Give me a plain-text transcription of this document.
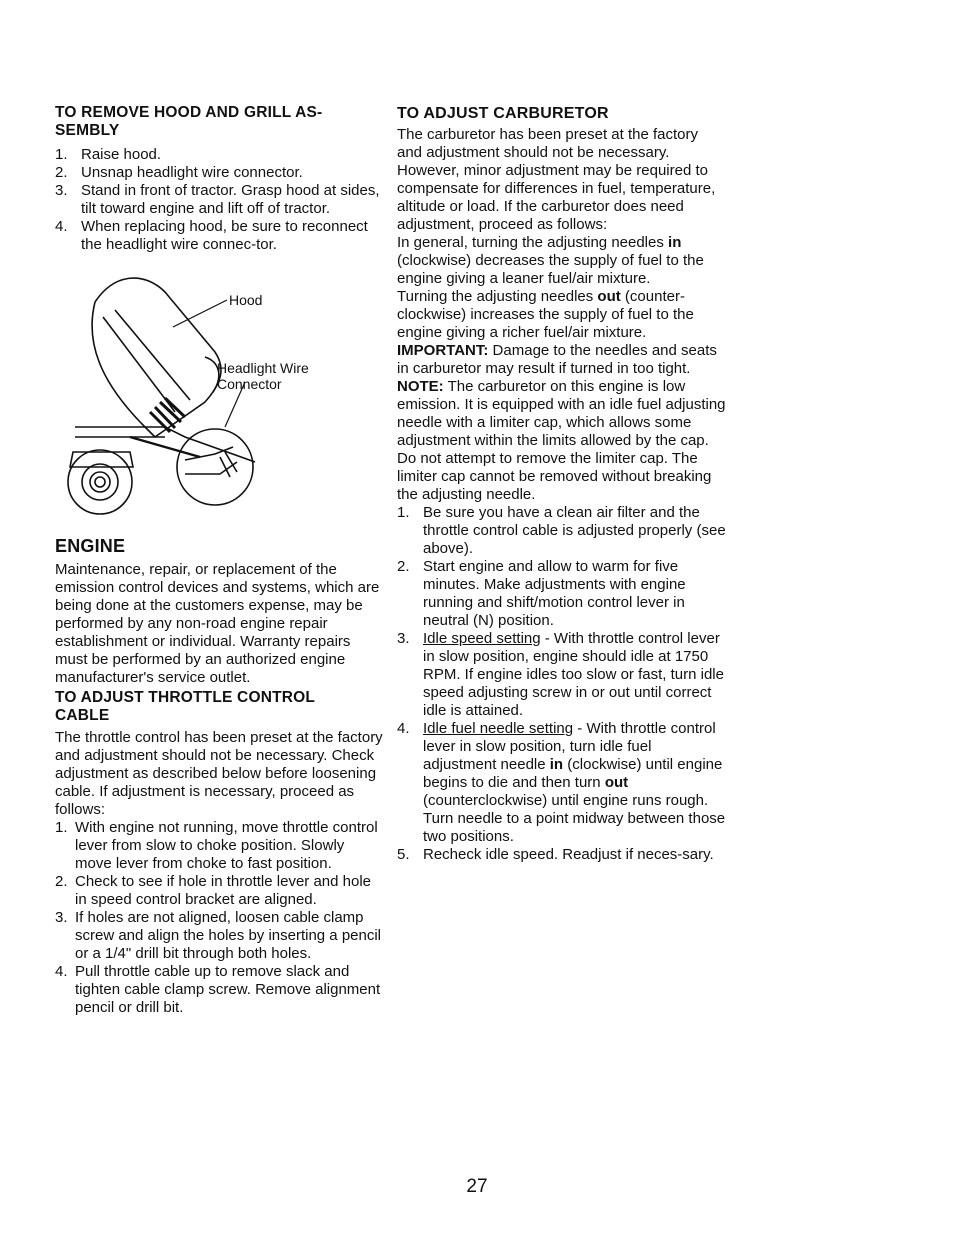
TO REMOVE HOOD AND GRILL AS-
SEMBLY
1. Raise hood.
2. Unsnap headlight wire connector.
3. Stand in front of tractor. Grasp hood at sides, tilt toward engine and lift off of tractor.
4. When replacing hood, be sure to reconnect the headlight wire connec-tor.
Hood
Headlight Wire
Connector
ENGINE

Maintenance, repair, or replacement of the emission control devices and systems, which are being done at the customers expense, may be performed by any non-road engine repair establishment or individual. Warranty repairs must be performed by an authorized engine manufacturer's service outlet.

TO ADJUST THROTTLE CONTROL
CABLE

The throttle control has been preset at the factory and adjustment should not be necessary. Check adjustment as described below before loosening cable. If adjustment is necessary, proceed as follows:

1. With engine not running, move throttle control lever from slow to choke position. Slowly move lever from choke to fast position.
2. Check to see if hole in throttle lever and hole in speed control bracket are aligned.
3. If holes are not aligned, loosen cable clamp screw and align the holes by inserting a pencil or a 1/4" drill bit through both holes.
4. Pull throttle cable up to remove slack and tighten cable clamp screw. Remove alignment pencil or drill bit.
TO ADJUST CARBURETOR

The carburetor has been preset at the factory and adjustment should not be necessary. However, minor adjustment may be required to compensate for differences in fuel, temperature, altitude or load. If the carburetor does need adjustment, proceed as follows:

In general, turning the adjusting needles in (clockwise) decreases the supply of fuel to the engine giving a leaner fuel/air mixture.

Turning the adjusting needles out (counter-clockwise) increases the supply of fuel to the engine giving a richer fuel/air mixture.

IMPORTANT: Damage to the needles and seats in carburetor may result if turned in too tight.

NOTE: The carburetor on this engine is low emission. It is equipped with an idle fuel adjusting needle with a limiter cap, which allows some adjustment within the limits allowed by the cap. Do not attempt to remove the limiter cap. The limiter cap cannot be removed without breaking the adjusting needle.

1. Be sure you have a clean air filter and the throttle control cable is adjusted properly (see above).
2. Start engine and allow to warm for five minutes. Make adjustments with engine running and shift/motion control lever in neutral (N) position.
3. Idle speed setting - With throttle control lever in slow position, engine should idle at 1750 RPM. If engine idles too slow or fast, turn idle speed adjusting screw in or out until correct idle is attained.
4. Idle fuel needle setting - With throttle control lever in slow position, turn idle fuel adjustment needle in (clockwise) until engine begins to die and then turn out (counterclockwise) until engine runs rough. Turn needle to a point midway between those two positions.
5. Recheck idle speed. Readjust if neces-sary.
27
